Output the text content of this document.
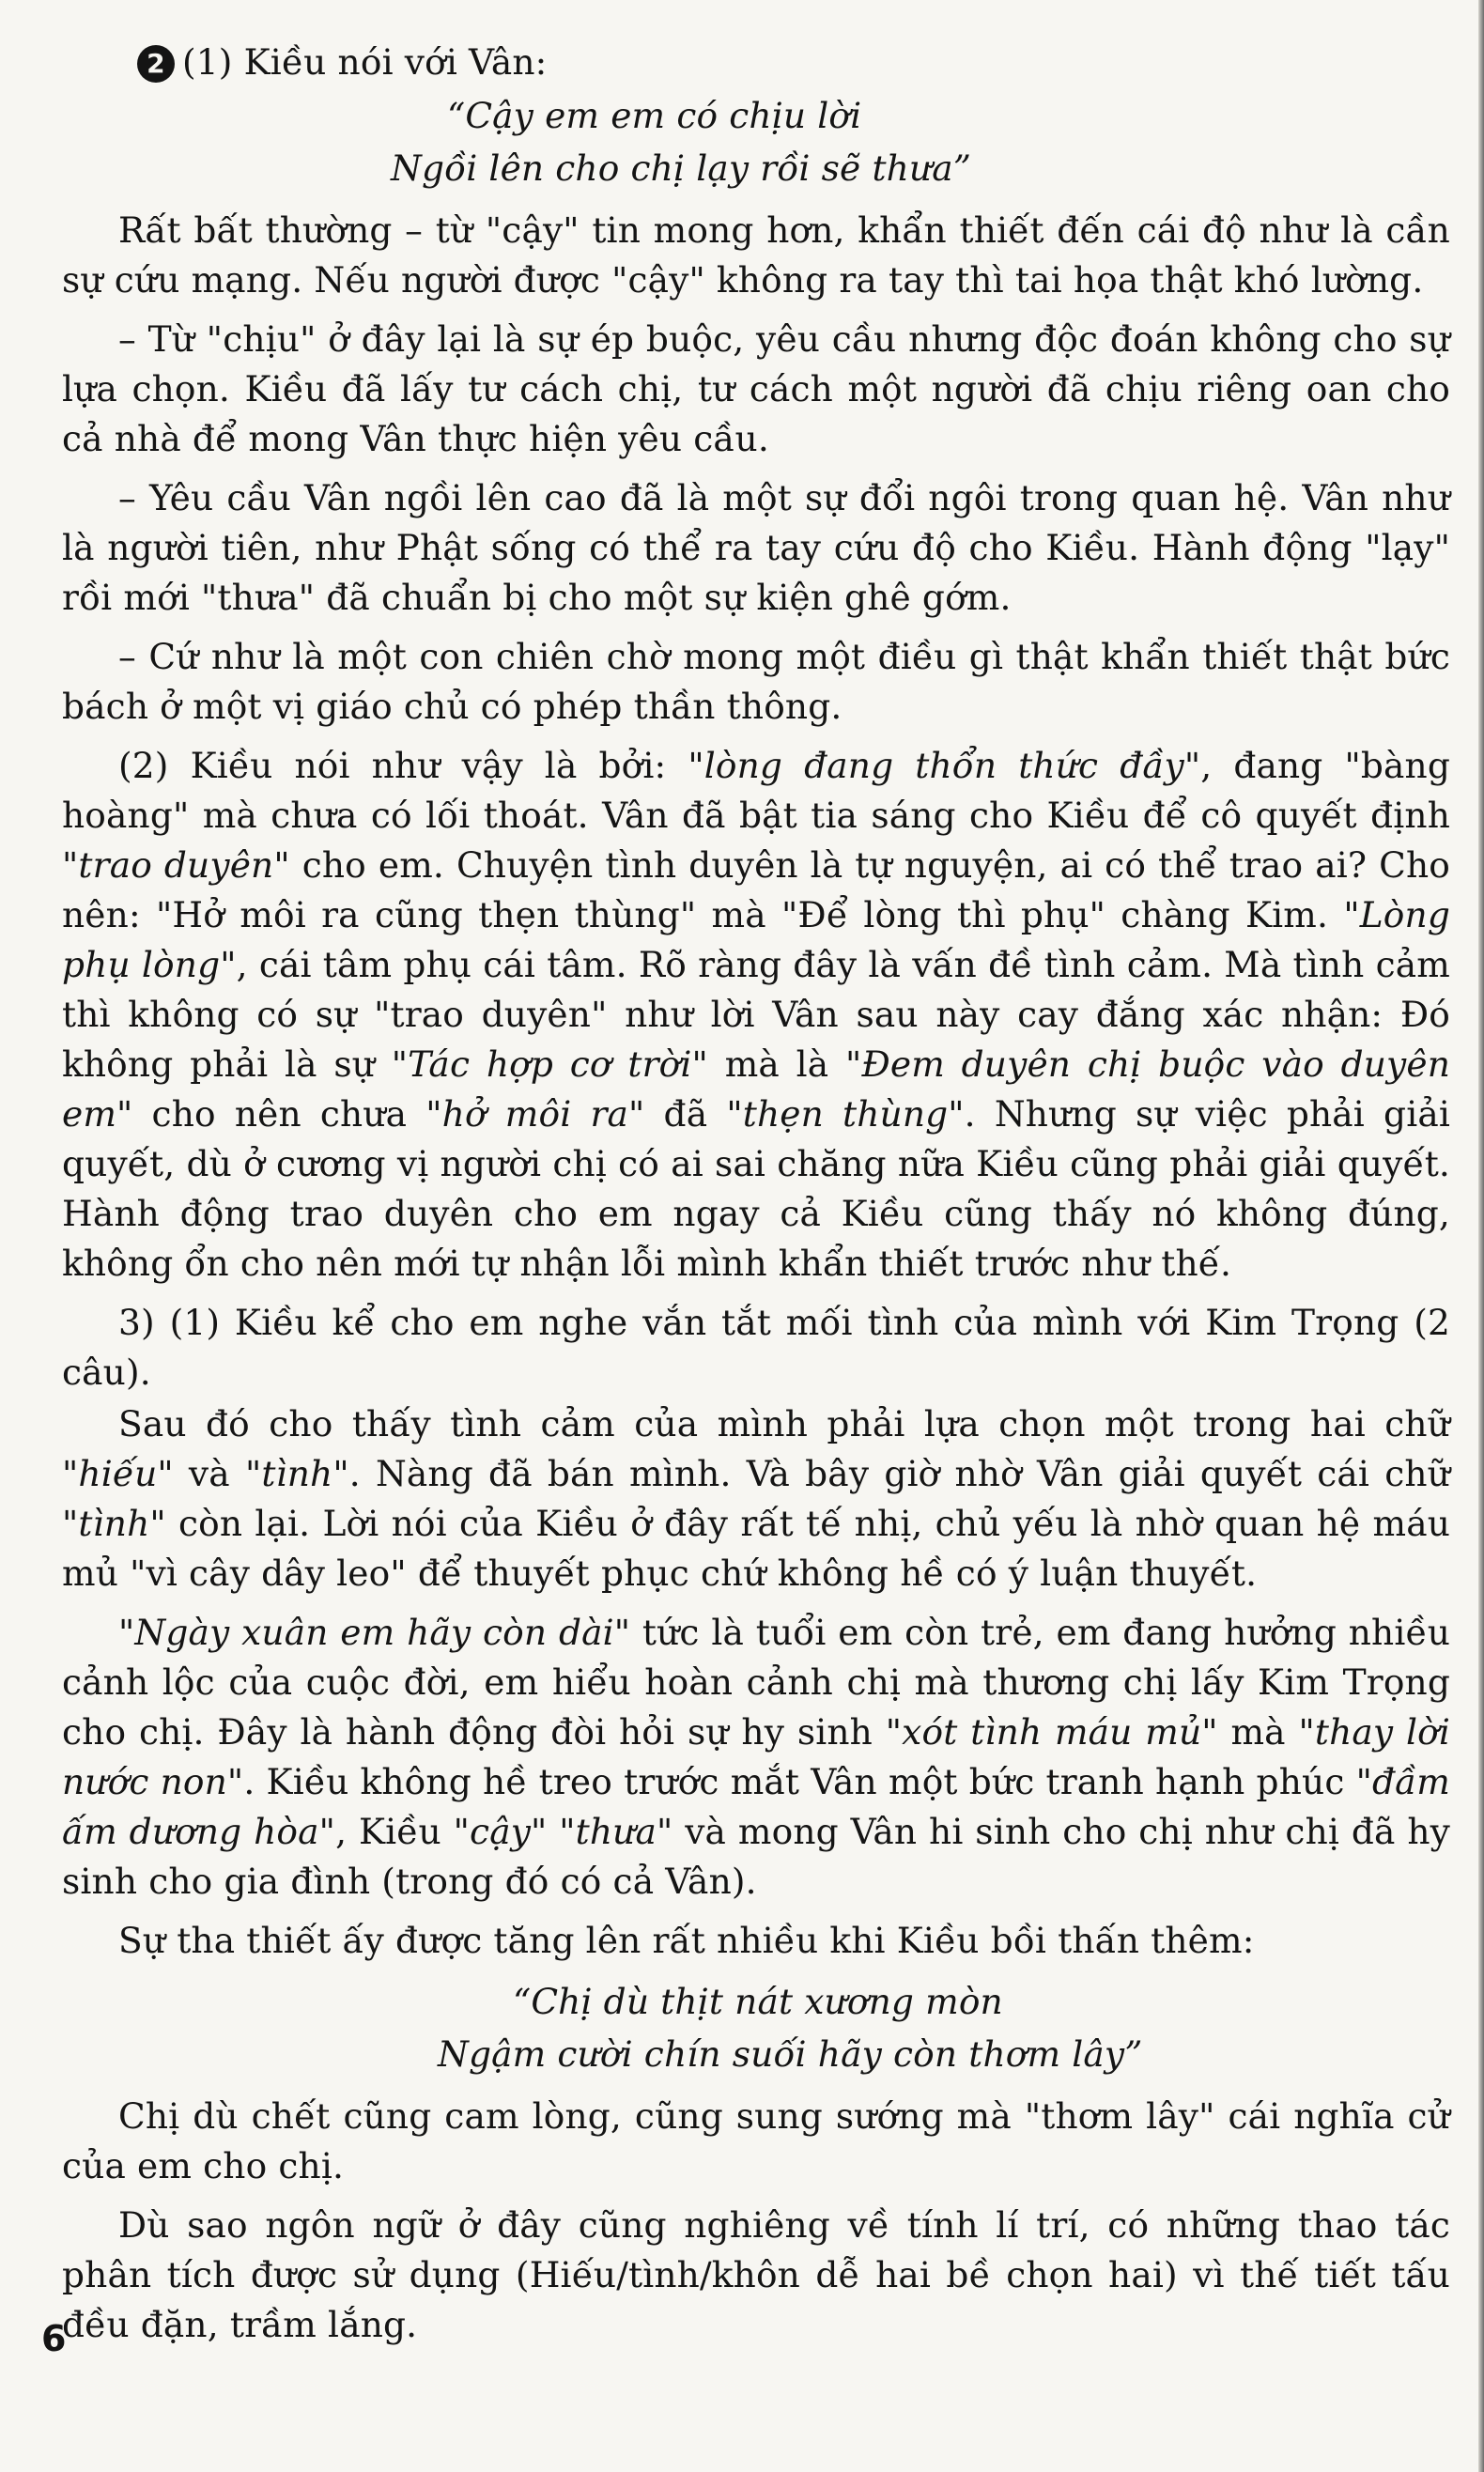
2 (1) Kiều nói với Vân:

“Cậy em em có chịu lời

Ngồi lên cho chị lạy rồi sẽ thưa”

Rất bất thường – từ "cậy" tin mong hơn, khẩn thiết đến cái độ như là cần sự cứu mạng. Nếu người được "cậy" không ra tay thì tai họa thật khó lường.

– Từ "chịu" ở đây lại là sự ép buộc, yêu cầu nhưng độc đoán không cho sự lựa chọn. Kiều đã lấy tư cách chị, tư cách một người đã chịu riêng oan cho cả nhà để mong Vân thực hiện yêu cầu.

– Yêu cầu Vân ngồi lên cao đã là một sự đổi ngôi trong quan hệ. Vân như là người tiên, như Phật sống có thể ra tay cứu độ cho Kiều. Hành động "lạy" rồi mới "thưa" đã chuẩn bị cho một sự kiện ghê gớm.

– Cứ như là một con chiên chờ mong một điều gì thật khẩn thiết thật bức bách ở một vị giáo chủ có phép thần thông.

(2) Kiều nói như vậy là bởi: "lòng đang thổn thức đầy", đang "bàng hoàng" mà chưa có lối thoát. Vân đã bật tia sáng cho Kiều để cô quyết định "trao duyên" cho em. Chuyện tình duyên là tự nguyện, ai có thể trao ai? Cho nên: "Hở môi ra cũng thẹn thùng" mà "Để lòng thì phụ" chàng Kim. "Lòng phụ lòng", cái tâm phụ cái tâm. Rõ ràng đây là vấn đề tình cảm. Mà tình cảm thì không có sự "trao duyên" như lời Vân sau này cay đắng xác nhận: Đó không phải là sự "Tác hợp cơ trời" mà là "Đem duyên chị buộc vào duyên em" cho nên chưa "hở môi ra" đã "thẹn thùng". Nhưng sự việc phải giải quyết, dù ở cương vị người chị có ai sai chăng nữa Kiều cũng phải giải quyết. Hành động trao duyên cho em ngay cả Kiều cũng thấy nó không đúng, không ổn cho nên mới tự nhận lỗi mình khẩn thiết trước như thế.

3) (1) Kiều kể cho em nghe vắn tắt mối tình của mình với Kim Trọng (2 câu).

Sau đó cho thấy tình cảm của mình phải lựa chọn một trong hai chữ "hiếu" và "tình". Nàng đã bán mình. Và bây giờ nhờ Vân giải quyết cái chữ "tình" còn lại. Lời nói của Kiều ở đây rất tế nhị, chủ yếu là nhờ quan hệ máu mủ "vì cây dây leo" để thuyết phục chứ không hề có ý luận thuyết.

"Ngày xuân em hãy còn dài" tức là tuổi em còn trẻ, em đang hưởng nhiều cảnh lộc của cuộc đời, em hiểu hoàn cảnh chị mà thương chị lấy Kim Trọng cho chị. Đây là hành động đòi hỏi sự hy sinh "xót tình máu mủ" mà "thay lời nước non". Kiều không hề treo trước mắt Vân một bức tranh hạnh phúc "đầm ấm dương hòa", Kiều "cậy" "thưa" và mong Vân hi sinh cho chị như chị đã hy sinh cho gia đình (trong đó có cả Vân).

Sự tha thiết ấy được tăng lên rất nhiều khi Kiều bồi thấn thêm:

“Chị dù thịt nát xương mòn

Ngậm cười chín suối hãy còn thơm lây”

Chị dù chết cũng cam lòng, cũng sung sướng mà "thơm lây" cái nghĩa cử của em cho chị.

Dù sao ngôn ngữ ở đây cũng nghiêng về tính lí trí, có những thao tác phân tích được sử dụng (Hiếu/tình/khôn dễ hai bề chọn hai) vì thế tiết tấu đều đặn, trầm lắng.

6
